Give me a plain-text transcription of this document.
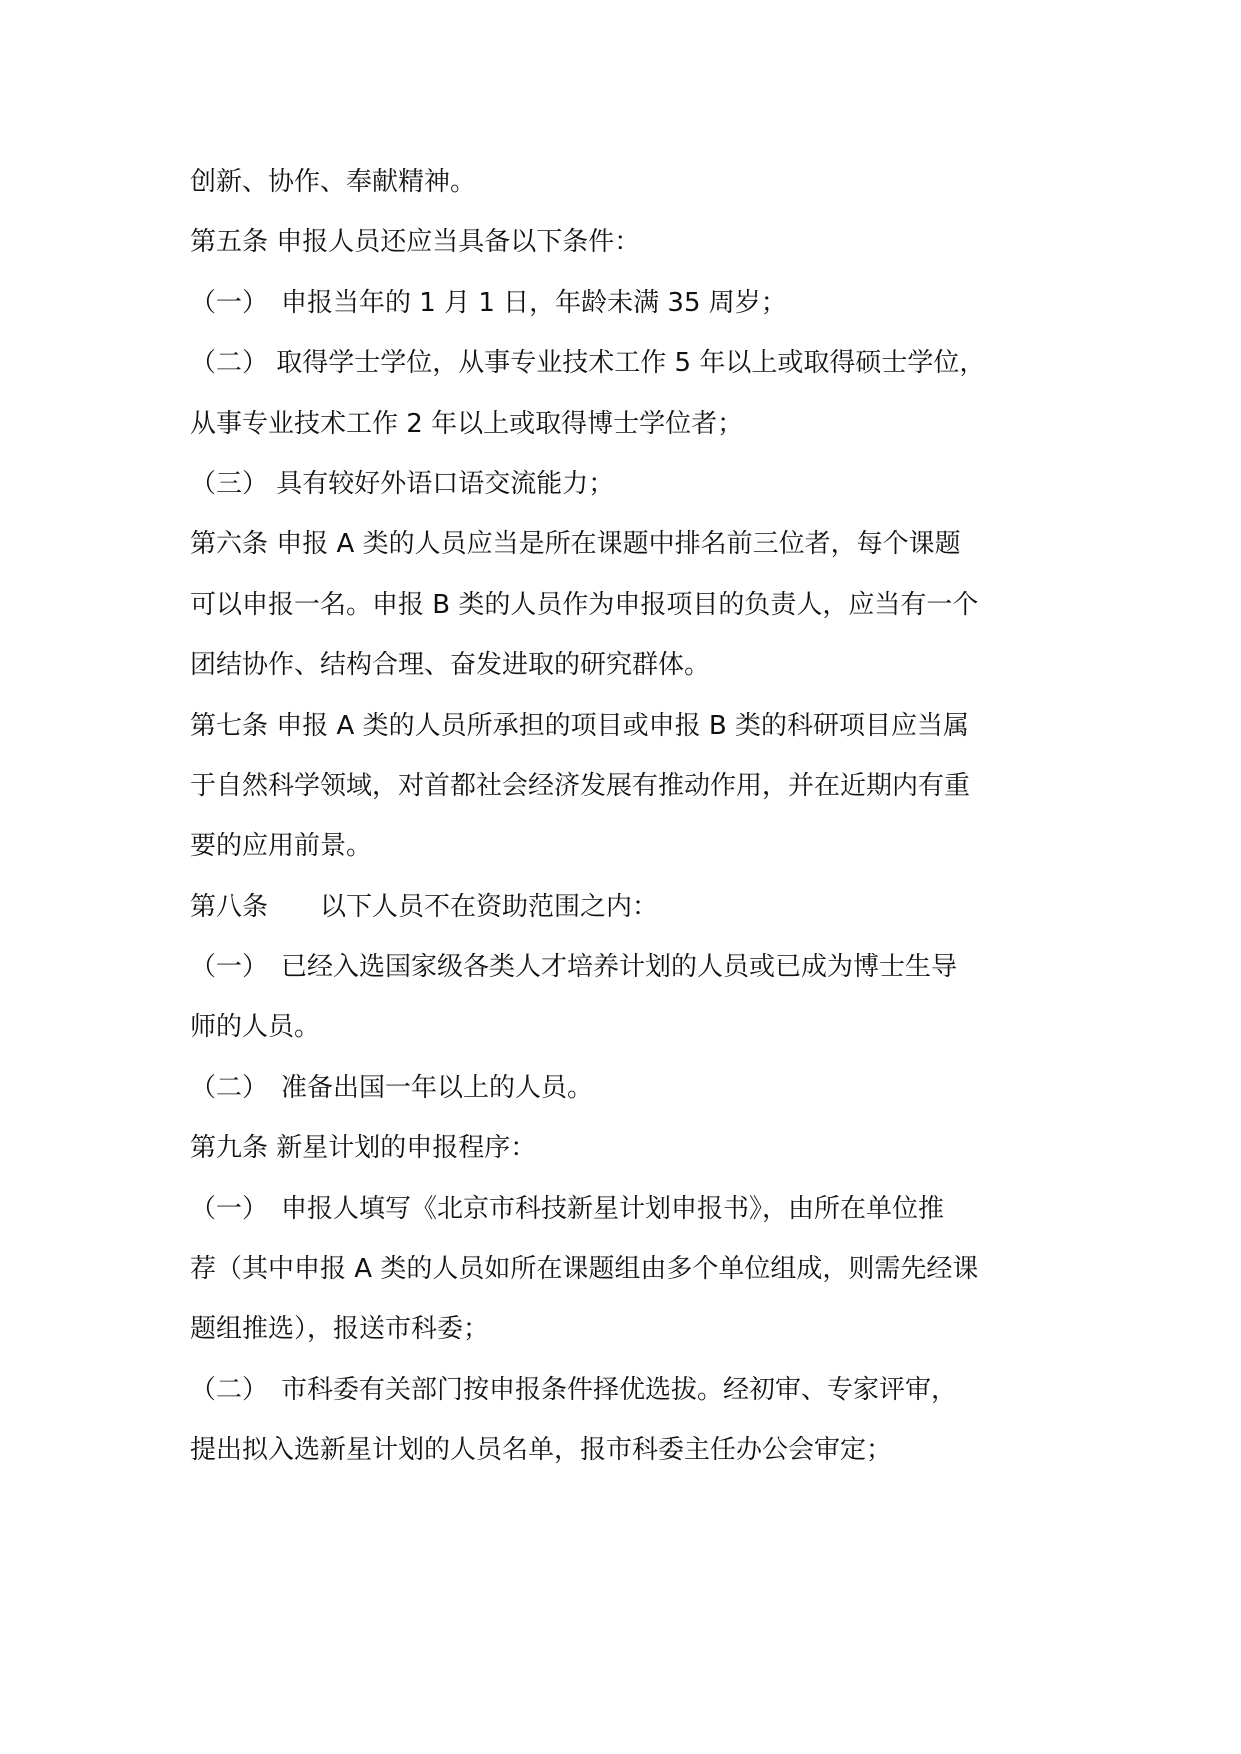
创新、协作、奉献精神。
第五条 申报人员还应当具备以下条件：
（一）　申报当年的 1 月 1 日，年龄未满 35 周岁；
（二） 取得学士学位，从事专业技术工作 5 年以上或取得硕士学位，
从事专业技术工作 2 年以上或取得博士学位者；
（三） 具有较好外语口语交流能力；
第六条 申报 A 类的人员应当是所在课题中排名前三位者，每个课题
可以申报一名。申报 B 类的人员作为申报项目的负责人，应当有一个
团结协作、结构合理、奋发进取的研究群体。
第七条 申报 A 类的人员所承担的项目或申报 B 类的科研项目应当属
于自然科学领域，对首都社会经济发展有推动作用，并在近期内有重
要的应用前景。
第八条　　以下人员不在资助范围之内：
（一）　已经入选国家级各类人才培养计划的人员或已成为博士生导
师的人员。
（二）　准备出国一年以上的人员。
第九条 新星计划的申报程序：
（一）　申报人填写《北京市科技新星计划申报书》，由所在单位推
荐（其中申报 A 类的人员如所在课题组由多个单位组成，则需先经课
题组推选），报送市科委；
（二）　市科委有关部门按申报条件择优选拔。经初审、专家评审，
提出拟入选新星计划的人员名单，报市科委主任办公会审定；
